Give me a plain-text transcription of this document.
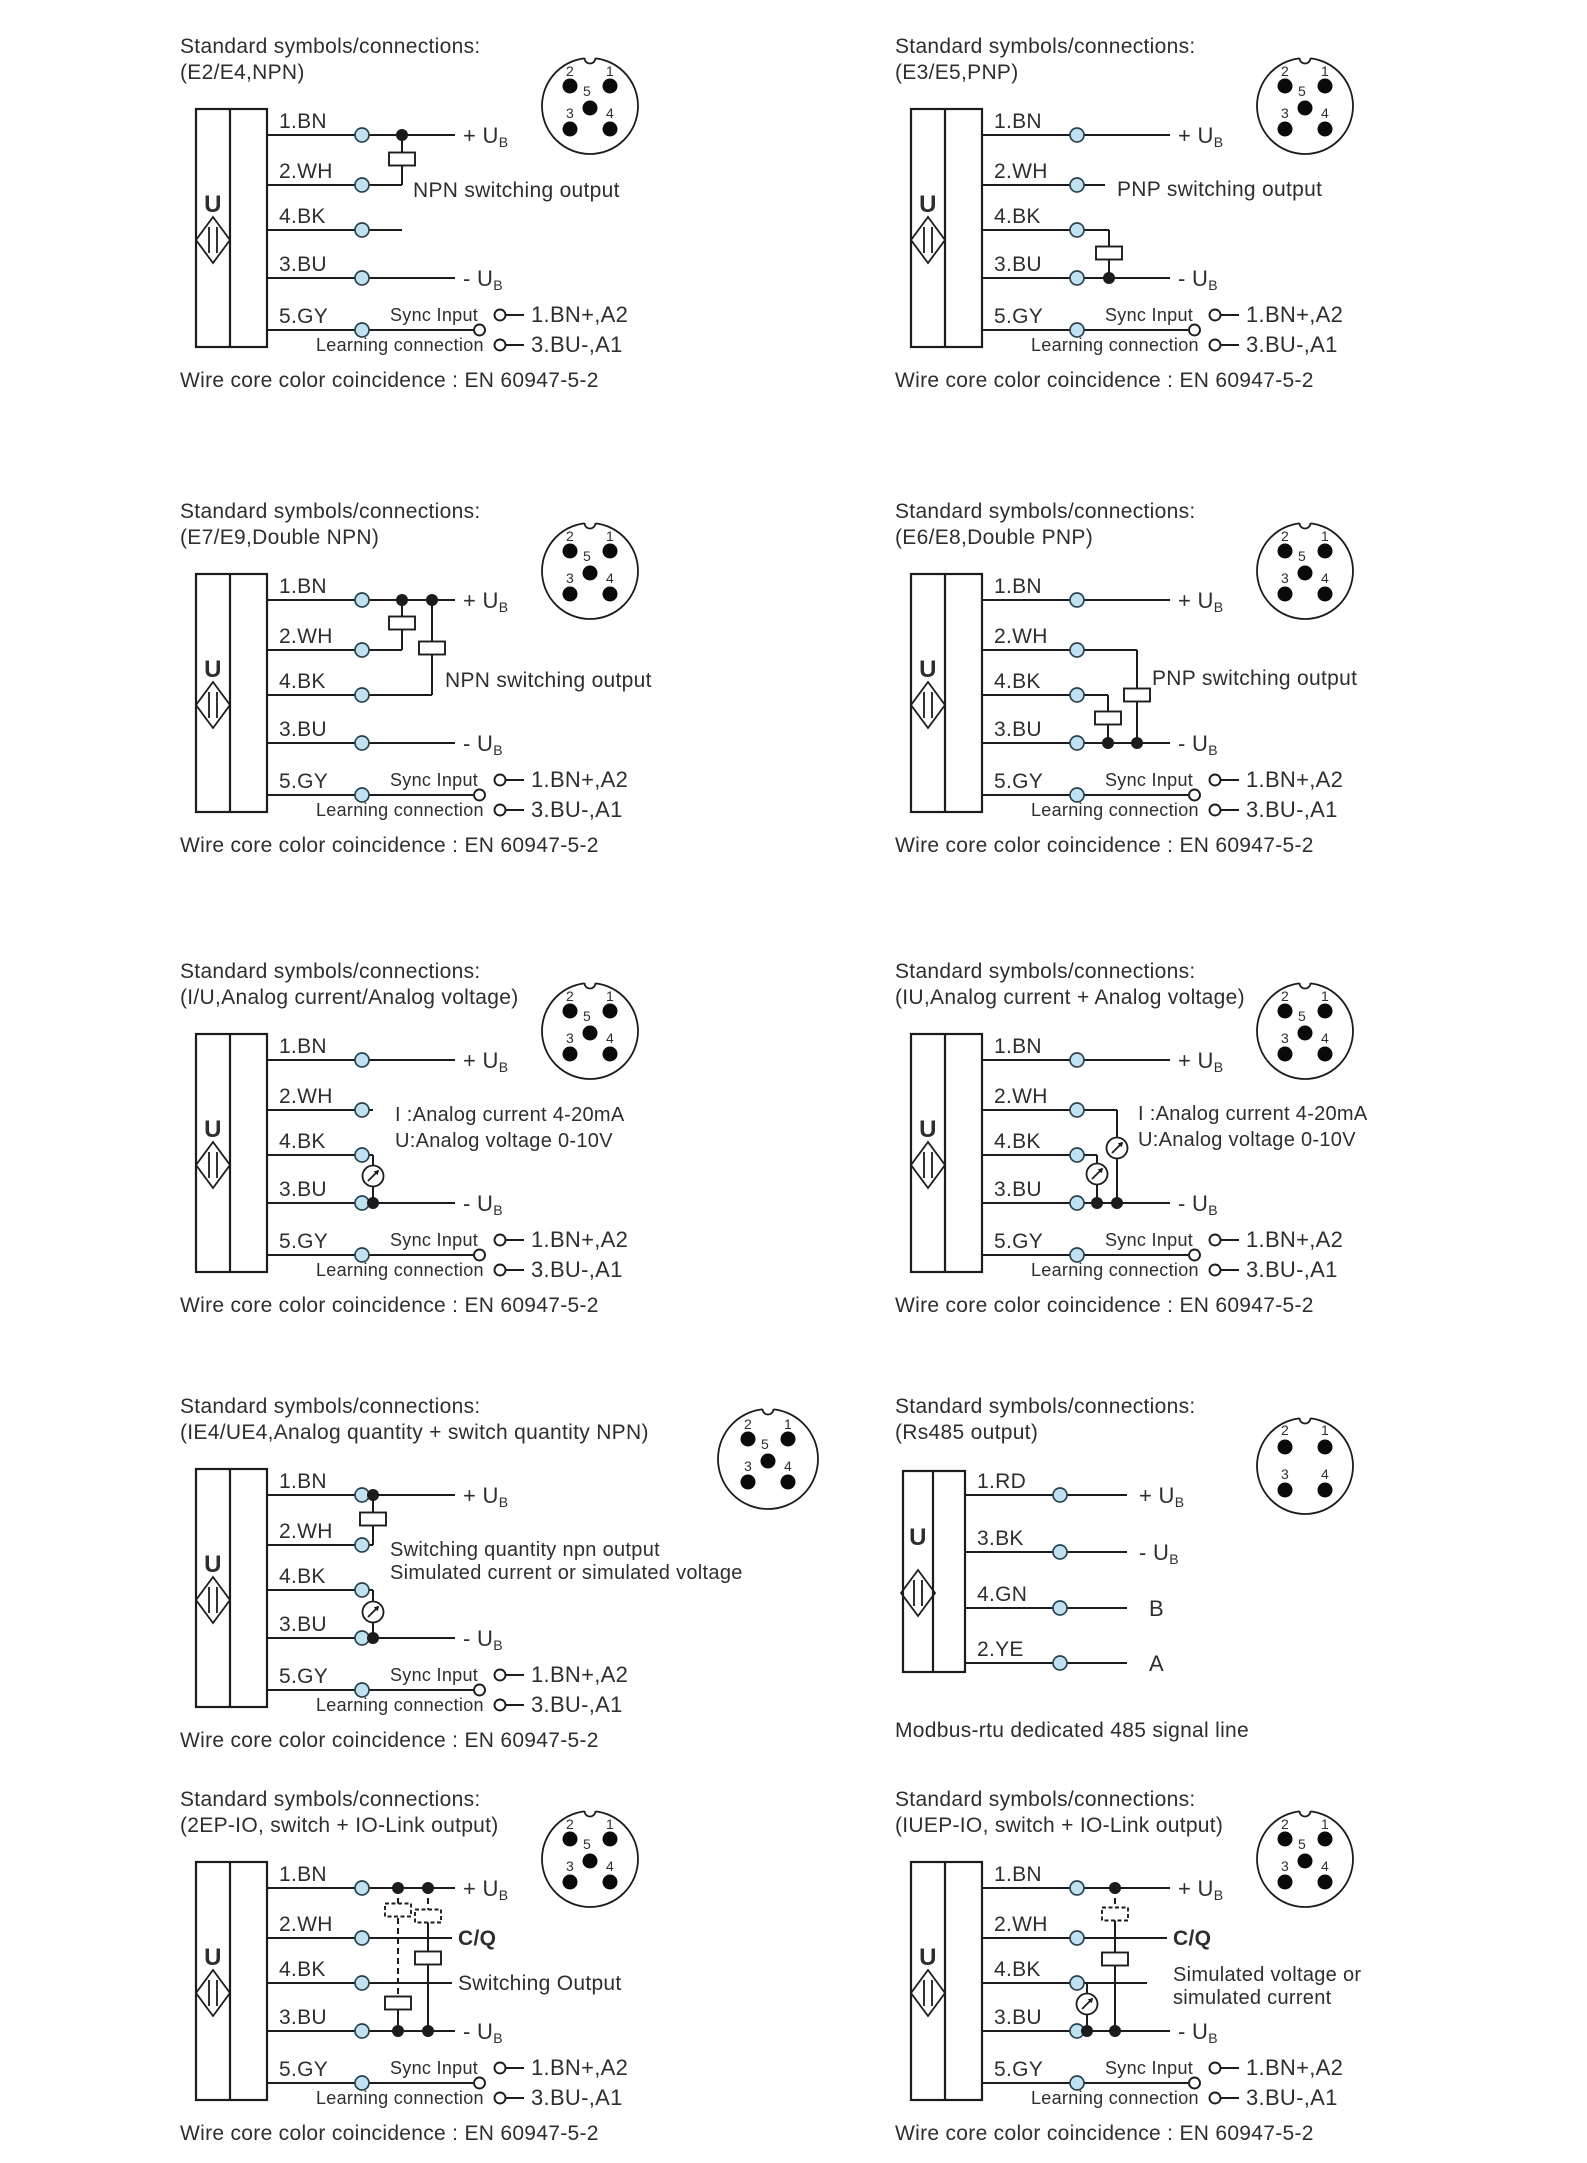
Standard symbols/connections:
(E2/E4,NPN)
U
1.BN
+ UB
2.WH
4.BK
3.BU
- UB
5.GY	Sync Input
Learning connection
1.BN+,A2
3.BU-,A1
NPN switching output
Wire core color coincidence : EN 60947-5-2
2 1
5
3 4
Standard symbols/connections:
(E3/E5,PNP)
U
1.BN
+ UB
2.WH
4.BK
3.BU
- UB
5.GY	Sync Input
Learning connection
1.BN+,A2
3.BU-,A1
PNP switching output
Wire core color coincidence : EN 60947-5-2
2 1
5
3 4
Standard symbols/connections:
(E7/E9,Double NPN)
U
1.BN
+ UB
2.WH
4.BK
3.BU
- UB
5.GY	Sync Input
Learning connection
1.BN+,A2
3.BU-,A1
NPN switching output
Wire core color coincidence : EN 60947-5-2
2 1
5
3 4
Standard symbols/connections:
(E6/E8,Double PNP)
U
1.BN
+ UB
2.WH
4.BK
3.BU
- UB
5.GY	Sync Input
Learning connection
1.BN+,A2
3.BU-,A1
PNP switching output
Wire core color coincidence : EN 60947-5-2
2 1
5
3 4
Standard symbols/connections:
(I/U,Analog current/Analog voltage)
U
1.BN
+ UB
2.WH
4.BK
3.BU
- UB
5.GY	Sync Input
Learning connection
1.BN+,A2
3.BU-,A1
I :Analog current 4-20mA
U:Analog voltage 0-10V
Wire core color coincidence : EN 60947-5-2
2 1
5
3 4
Standard symbols/connections:
(IU,Analog current + Analog voltage)
U
1.BN
+ UB
2.WH
4.BK
3.BU
- UB
5.GY	Sync Input
Learning connection
1.BN+,A2
3.BU-,A1
I :Analog current 4-20mA
U:Analog voltage 0-10V
Wire core color coincidence : EN 60947-5-2
2 1
5
3 4
Standard symbols/connections:
(IE4/UE4,Analog quantity + switch quantity NPN)
U
1.BN
+ UB
2.WH
4.BK
3.BU
- UB
5.GY	Sync Input
Learning connection
1.BN+,A2
3.BU-,A1
Switching quantity npn output
Simulated current or simulated voltage
Wire core color coincidence : EN 60947-5-2
2 1
5
3 4
Standard symbols/connections:
(Rs485 output)
U
1.RD
+ UB
3.BK
- UB
4.GN
B
2.YE
A
Modbus-rtu dedicated 485 signal line
2 1
3 4
Standard symbols/connections:
(2EP-IO, switch + IO-Link output)
U
1.BN
+ UB
2.WH
4.BK
3.BU
- UB
5.GY	Sync Input
Learning connection
1.BN+,A2
3.BU-,A1
C/Q
Switching Output
Wire core color coincidence : EN 60947-5-2
2 1
5
3 4
Standard symbols/connections:
(IUEP-IO, switch + IO-Link output)
U
1.BN
+ UB
2.WH
4.BK
3.BU
- UB
5.GY	Sync Input
Learning connection
1.BN+,A2
3.BU-,A1
C/Q
Simulated voltage or
simulated current
Wire core color coincidence : EN 60947-5-2
2 1
5
3 4
